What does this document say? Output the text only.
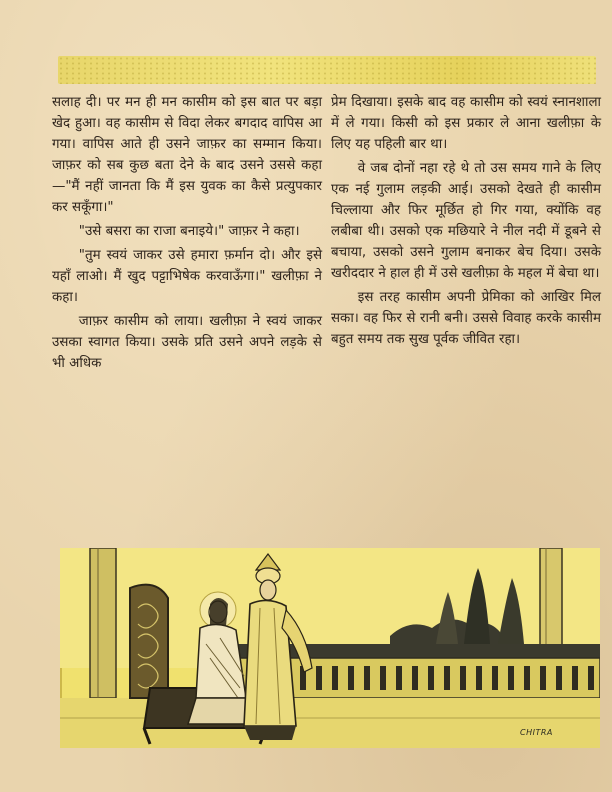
सलाह दी। पर मन ही मन कासीम को इस बात पर बड़ा खेद हुआ। वह कासीम से विदा लेकर बगदाद वापिस आ गया। वापिस आते ही उसने जाफ़र का सम्मान किया। जाफ़र को सब कुछ बता देने के बाद उसने उससे कहा—"मैं नहीं जानता कि मैं इस युवक का कैसे प्रत्युपकार कर सकूँगा।"

"उसे बसरा का राजा बनाइये।" जाफ़र ने कहा।

"तुम स्वयं जाकर उसे हमारा फ़र्मान दो। और इसे यहाँ लाओ। मैं खुद पट्टाभिषेक करवाऊँगा।" खलीफ़ा ने कहा।

जाफ़र कासीम को लाया। खलीफ़ा ने स्वयं जाकर उसका स्वागत किया। उसके प्रति उसने अपने लड़के से भी अधिक

प्रेम दिखाया। इसके बाद वह कासीम को स्वयं स्नानशाला में ले गया। किसी को इस प्रकार ले आना खलीफ़ा के लिए यह पहिली बार था।

वे जब दोनों नहा रहे थे तो उस समय गाने के लिए एक नई गुलाम लड़की आई। उसको देखते ही कासीम चिल्लाया और फिर मूर्छित हो गिर गया, क्योंकि वह लबीबा थी। उसको एक मछियारे ने नील नदी में डूबने से बचाया, उसको उसने गुलाम बनाकर बेच दिया। उसके खरीददार ने हाल ही में उसे खलीफ़ा के महल में बेचा था।

इस तरह कासीम अपनी प्रेमिका को आखिर मिल सका। वह फिर से रानी बनी। उससे विवाह करके कासीम बहुत समय तक सुख पूर्वक जीवित रहा।

CHITRA
